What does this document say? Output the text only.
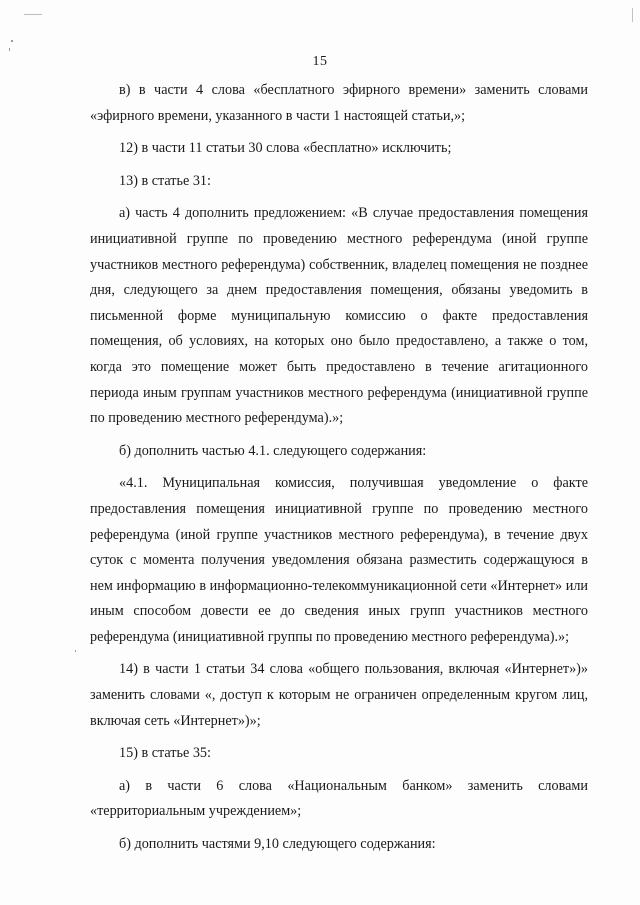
15

в) в части 4 слова «бесплатного эфирного времени» заменить словами «эфирного времени, указанного в части 1 настоящей статьи,»;

12) в части 11 статьи 30 слова «бесплатно» исключить;

13) в статье 31:

а) часть 4 дополнить предложением: «В случае предоставления помещения инициативной группе по проведению местного референдума (иной группе участников местного референдума) собственник, владелец помещения не позднее дня, следующего за днем предоставления помещения, обязаны уведомить в письменной форме муниципальную комиссию о факте предоставления помещения, об условиях, на которых оно было предоставлено, а также о том, когда это помещение может быть предоставлено в течение агитационного периода иным группам участников местного референдума (инициативной группе по проведению местного референдума).»;

б) дополнить частью 4.1. следующего содержания:

«4.1. Муниципальная комиссия, получившая уведомление о факте предоставления помещения инициативной группе по проведению местного референдума (иной группе участников местного референдума), в течение двух суток с момента получения уведомления обязана разместить содержащуюся в нем информацию в информационно-телекоммуникационной сети «Интернет» или иным способом довести ее до сведения иных групп участников местного референдума (инициативной группы по проведению местного референдума).»;

14) в части 1 статьи 34 слова «общего пользования, включая «Интернет»)» заменить словами «, доступ к которым не ограничен определенным кругом лиц, включая сеть «Интернет»)»;

15) в статье 35:

а) в части 6 слова «Национальным банком» заменить словами «территориальным учреждением»;

б) дополнить частями 9,10 следующего содержания:
